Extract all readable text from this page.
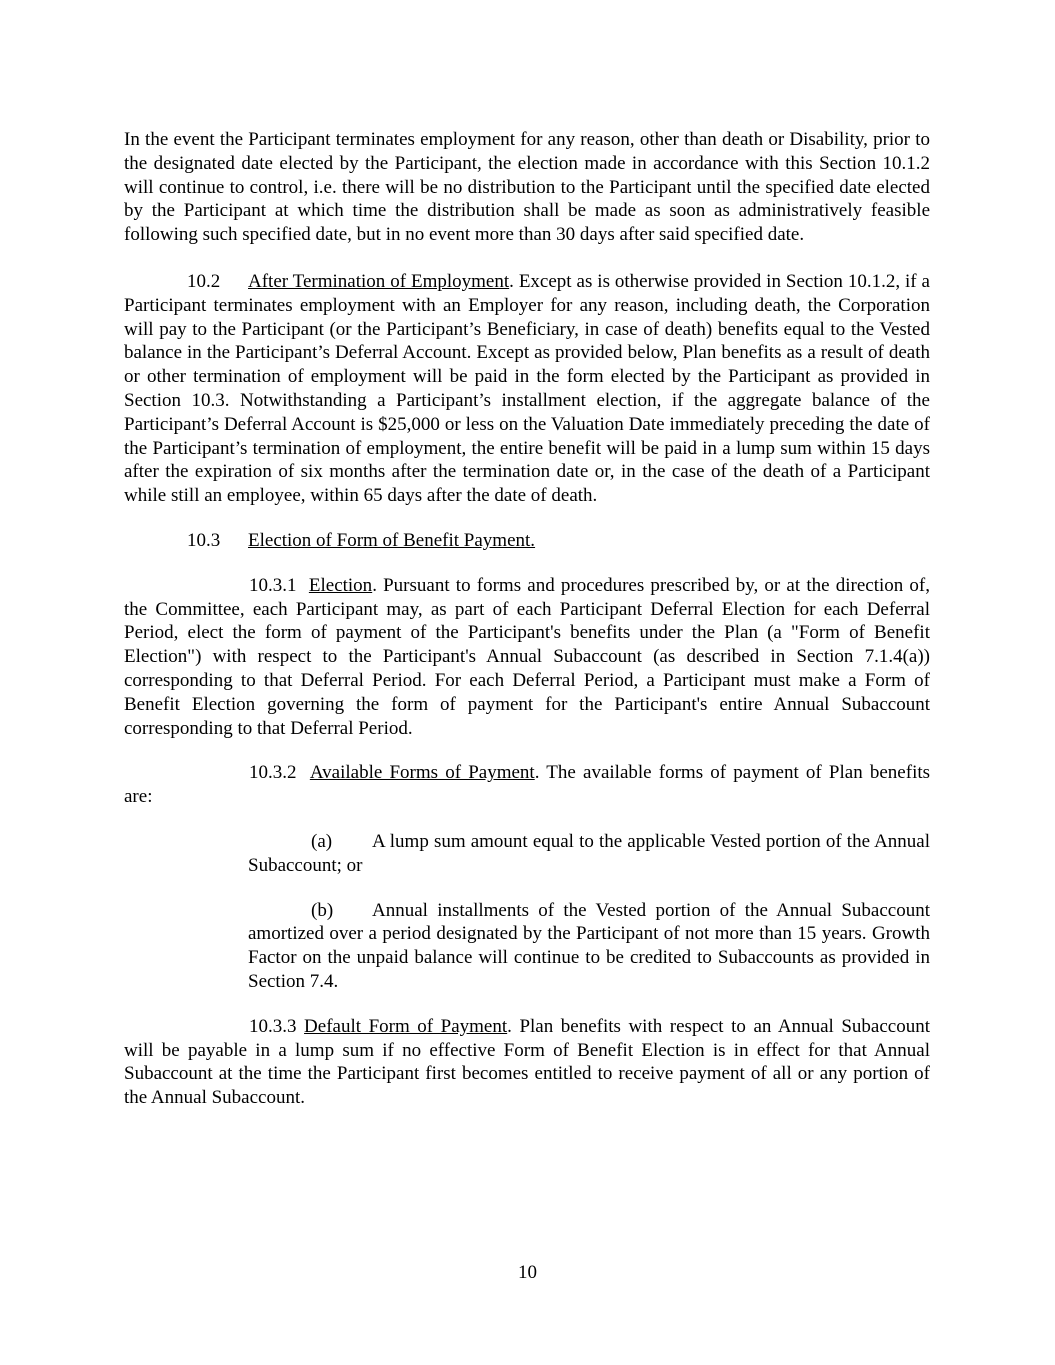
In the event the Participant terminates employment for any reason, other than death or Disability, prior to the designated date elected by the Participant, the election made in accordance with this Section 10.1.2 will continue to control, i.e. there will be no distribution to the Participant until the specified date elected by the Participant at which time the distribution shall be made as soon as administratively feasible following such specified date, but in no event more than 30 days after said specified date.

10.2 After Termination of Employment. Except as is otherwise provided in Section 10.1.2, if a Participant terminates employment with an Employer for any reason, including death, the Corporation will pay to the Participant (or the Participant’s Beneficiary, in case of death) benefits equal to the Vested balance in the Participant’s Deferral Account. Except as provided below, Plan benefits as a result of death or other termination of employment will be paid in the form elected by the Participant as provided in Section 10.3. Notwithstanding a Participant’s installment election, if the aggregate balance of the Participant’s Deferral Account is $25,000 or less on the Valuation Date immediately preceding the date of the Participant’s termination of employment, the entire benefit will be paid in a lump sum within 15 days after the expiration of six months after the termination date or, in the case of the death of a Participant while still an employee, within 65 days after the date of death.

10.3 Election of Form of Benefit Payment.

10.3.1 Election. Pursuant to forms and procedures prescribed by, or at the direction of, the Committee, each Participant may, as part of each Participant Deferral Election for each Deferral Period, elect the form of payment of the Participant's benefits under the Plan (a "Form of Benefit Election") with respect to the Participant's Annual Subaccount (as described in Section 7.1.4(a)) corresponding to that Deferral Period. For each Deferral Period, a Participant must make a Form of Benefit Election governing the form of payment for the Participant's entire Annual Subaccount corresponding to that Deferral Period.

10.3.2 Available Forms of Payment. The available forms of payment of Plan benefits are:

(a) A lump sum amount equal to the applicable Vested portion of the Annual Subaccount; or

(b) Annual installments of the Vested portion of the Annual Subaccount amortized over a period designated by the Participant of not more than 15 years. Growth Factor on the unpaid balance will continue to be credited to Subaccounts as provided in Section 7.4.

10.3.3 Default Form of Payment. Plan benefits with respect to an Annual Subaccount will be payable in a lump sum if no effective Form of Benefit Election is in effect for that Annual Subaccount at the time the Participant first becomes entitled to receive payment of all or any portion of the Annual Subaccount.

10
